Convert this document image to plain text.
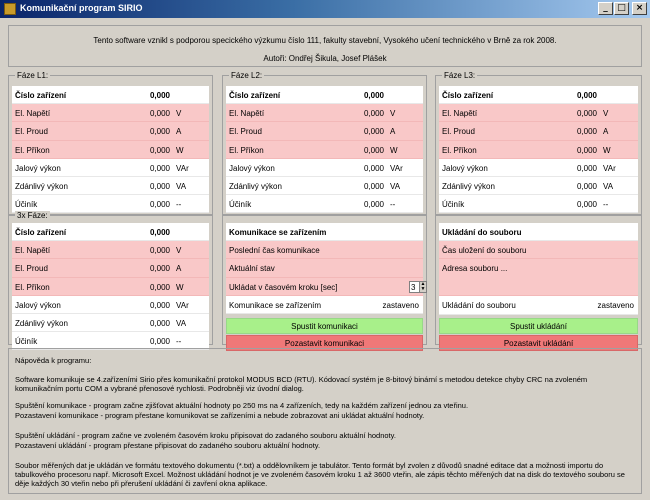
Komunikační program SIRIO	_	□	×
Tento software vznikl s podporou specického výzkumu číslo 111, fakulty stavební, Vysokého učení technického v Brně za rok 2008.
Autoři: Ondřej Šikula, Josef Plášek
Fáze L1:
Číslo zařízení	0,000
El. Napětí	0,000 V
El. Proud	0,000 A
El. Příkon	0,000 W
Jalový výkon	0,000 VAr
Zdánlivý výkon	0,000 VA
Účiník	0,000 --
Fáze L2:
Číslo zařízení	0,000
El. Napětí	0,000 V
El. Proud	0,000 A
El. Příkon	0,000 W
Jalový výkon	0,000 VAr
Zdánlivý výkon	0,000 VA
Účiník	0,000 --
Fáze L3:
Číslo zařízení	0,000
El. Napětí	0,000 V
El. Proud	0,000 A
El. Příkon	0,000 W
Jalový výkon	0,000 VAr
Zdánlivý výkon	0,000 VA
Účiník	0,000 --
3x Fáze:
Číslo zařízení	0,000
El. Napětí	0,000 V
El. Proud	0,000 A
El. Příkon	0,000 W
Jalový výkon	0,000 VAr
Zdánlivý výkon	0,000 VA
Účiník	0,000 --
Komunikace se zařízením
Poslední čas komunikace
Aktuální stav
Ukládat v časovém kroku [sec]	3	▲
▼
Komunikace se zařízením	zastaveno
Spustit komunikaci
Pozastavit komunikaci
Ukládání do souboru
Čas uložení do souboru
Adresa souboru ...
Ukládání do souboru	zastaveno
Spustit ukládání
Pozastavit ukládání

Nápověda k programu:

Software komunikuje se 4.zařízeními Sirio přes komunikační protokol MODUS BCD (RTU). Kódovací systém je 8-bitový binární s metodou detekce chyby CRC na zvoleném komunikačním portu COM a vybrané přenosové rychlosti. Podrobněji viz úvodní dialog.

Spuštění komunikace - program začne zjišťovat aktuální hodnoty po 250 ms na 4 zařízeních, tedy na každém zařízení jednou za vteřinu.

Pozastavení komunikace - program přestane komunikovat se zařízeními a nebude zobrazovat ani ukládat aktuální hodnoty.

Spuštění ukládání - program začne ve zvoleném časovém kroku připisovat do zadaného souboru aktuální hodnoty.

Pozastavení ukládání - program přestane připisovat do zadaného souboru aktuální hodnoty.

Soubor měřených dat je ukládán ve formátu textového dokumentu (*.txt) a oddělovníkem je tabulátor. Tento formát byl zvolen z důvodů snadné editace dat a možnosti importu do tabulkového procesoru např. Microsoft Excel. Možnost ukládání hodnot je ve zvoleném časovém kroku 1 až 3600 vteřin, ale zápis těchto měřených dat na disk do textového souboru se děje každých 30 vteřin nebo při přerušení ukládání či zavření okna aplikace.
